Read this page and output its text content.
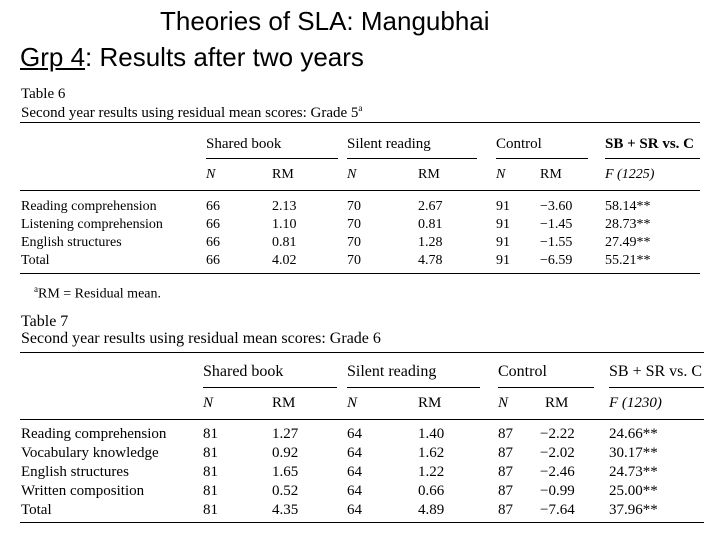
Theories of SLA: Mangubhai
Grp 4: Results after two years
Table 6
Second year results using residual mean scores: Grade 5$^a$
Shared book	Silent reading	Control	SB + SR vs. C
N	RM	N	RM	N RM	F (1225)
Reading comprehension	66	2.13	70	2.67	91 −3.60 58.14**
Listening comprehension	66	1.10	70	0.81	91 −1.45 28.73**
English structures	66	0.81	70	1.28	91 −1.55 27.49**
Total	66	4.02	70	4.78	91 −6.59 55.21**
$^a$RM = Residual mean.
Table 7
Second year results using residual mean scores: Grade 6
Shared book	Silent reading	Control	SB + SR vs. C
N	RM	N	RM	N RM	F (1230)
Reading comprehension 81	1.27	64	1.40	87 −2.22 24.66**
Vocabulary knowledge	81	0.92	64	1.62	87 −2.02 30.17**
English structures	81	1.65	64	1.22	87 −2.46 24.73**
Written composition	81	0.52	64	0.66	87 −0.99 25.00**
Total	81	4.35	64	4.89	87 −7.64 37.96**
